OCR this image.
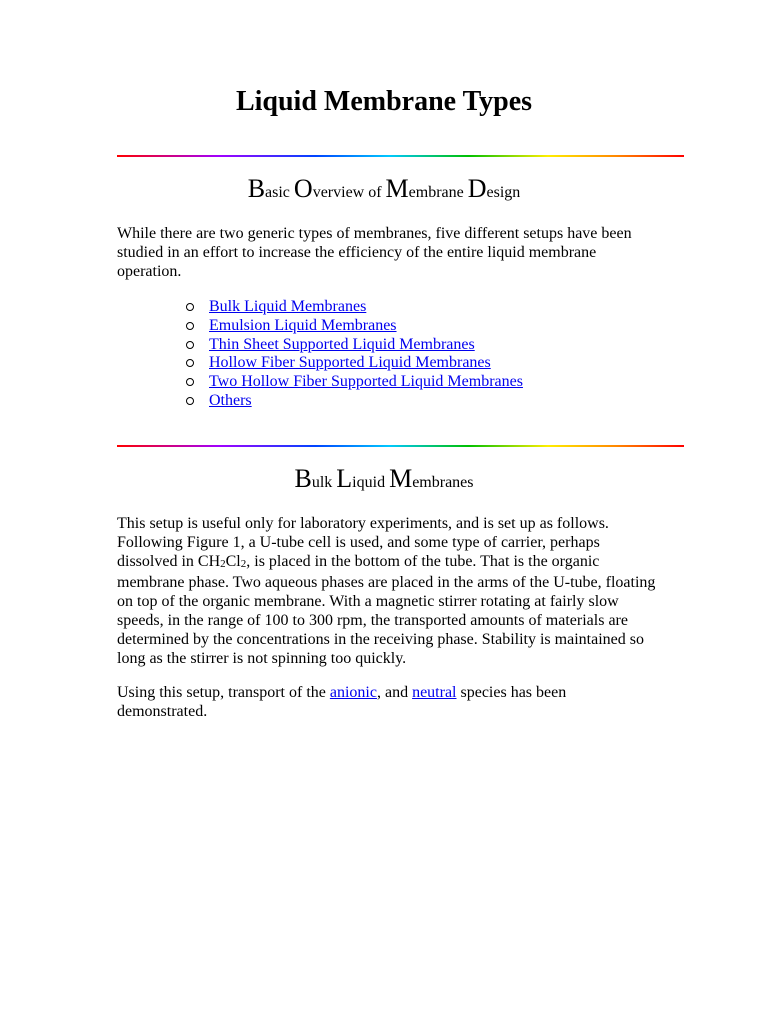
Liquid Membrane Types
Basic Overview of Membrane Design

While there are two generic types of membranes, five different setups have been studied in an effort to increase the efficiency of the entire liquid membrane operation.

Bulk Liquid Membranes
Emulsion Liquid Membranes
Thin Sheet Supported Liquid Membranes
Hollow Fiber Supported Liquid Membranes
Two Hollow Fiber Supported Liquid Membranes
Others
Bulk Liquid Membranes

This setup is useful only for laboratory experiments, and is set up as follows. Following Figure 1, a U-tube cell is used, and some type of carrier, perhaps dissolved in $CH_2Cl_2$, is placed in the bottom of the tube. That is the organic membrane phase. Two aqueous phases are placed in the arms of the U-tube, floating on top of the organic membrane. With a magnetic stirrer rotating at fairly slow speeds, in the range of 100 to 300 rpm, the transported amounts of materials are determined by the concentrations in the receiving phase. Stability is maintained so long as the stirrer is not spinning too quickly.

Using this setup, transport of the anionic, and neutral species has been demonstrated.
